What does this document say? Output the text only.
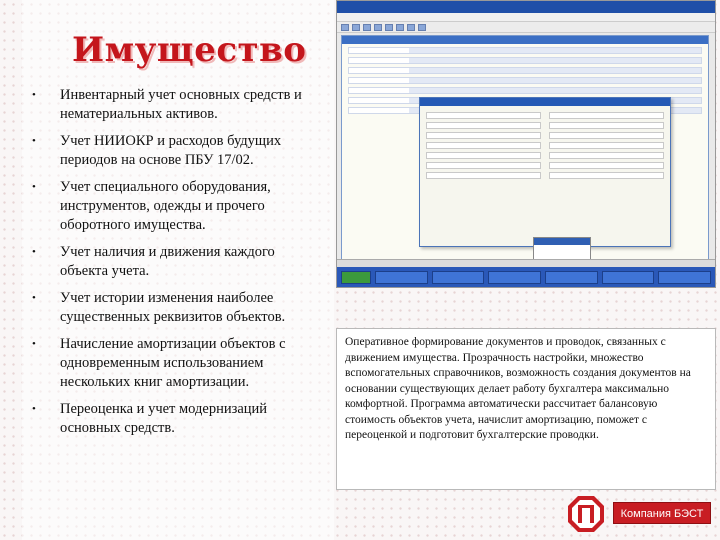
Имущество
• Инвентарный учет основных средств и нематериальных активов.
• Учет НИИОКР и расходов будущих периодов на основе ПБУ 17/02.
• Учет специального оборудования, инструментов, одежды и прочего оборотного имущества.
• Учет наличия и движения каждого объекта учета.
• Учет истории изменения наиболее существенных реквизитов объектов.
• Начисление амортизации объектов с одновременным использованием нескольких книг амортизации.
• Переоценка и учет модернизаций основных средств.
Оперативное формирование документов и проводок, связанных с движением имущества. Прозрачность настройки, множество вспомогательных справочников, возможность создания документов на основании существующих делает работу бухгалтера максимально комфортной. Программа автоматически рассчитает балансовую стоимость объектов учета, начислит амортизацию, поможет с переоценкой и подготовит бухгалтерские проводки.
Компания БЭСТ
